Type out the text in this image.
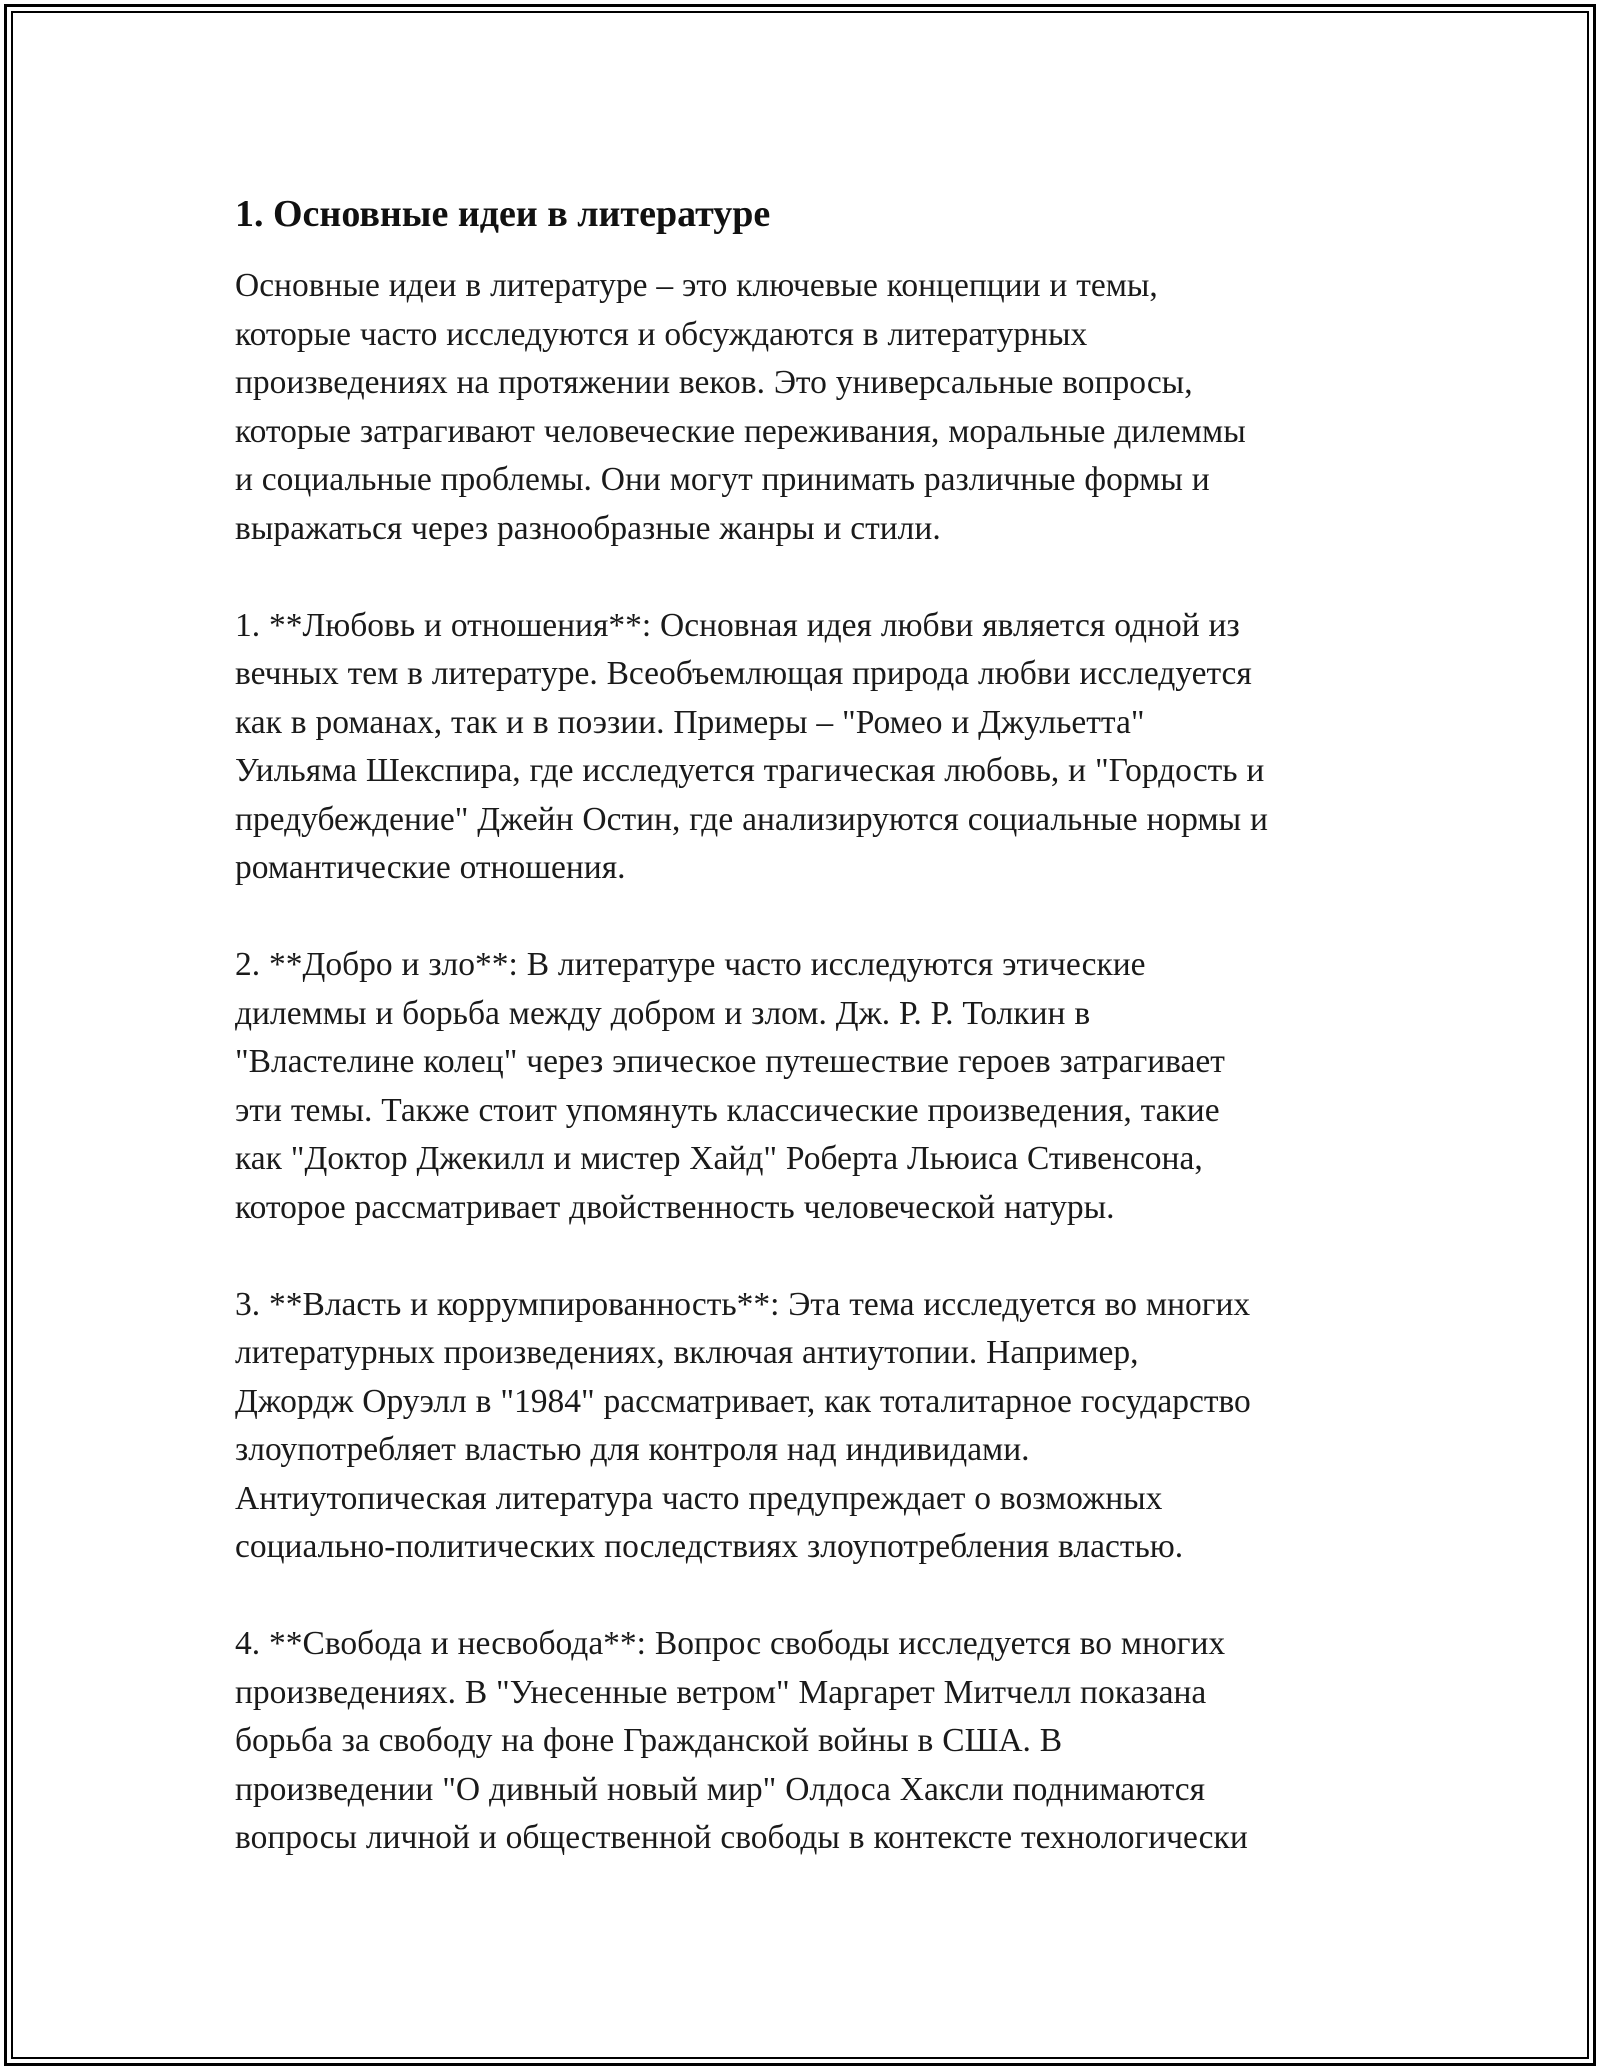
1. Основные идеи в литературе
Основные идеи в литературе – это ключевые концепции и темы,
которые часто исследуются и обсуждаются в литературных
произведениях на протяжении веков. Это универсальные вопросы,
которые затрагивают человеческие переживания, моральные дилеммы
и социальные проблемы. Они могут принимать различные формы и
выражаться через разнообразные жанры и стили.
1. **Любовь и отношения**: Основная идея любви является одной из
вечных тем в литературе. Всеобъемлющая природа любви исследуется
как в романах, так и в поэзии. Примеры – "Ромео и Джульетта"
Уильяма Шекспира, где исследуется трагическая любовь, и "Гордость и
предубеждение" Джейн Остин, где анализируются социальные нормы и
романтические отношения.
2. **Добро и зло**: В литературе часто исследуются этические
дилеммы и борьба между добром и злом. Дж. Р. Р. Толкин в
"Властелине колец" через эпическое путешествие героев затрагивает
эти темы. Также стоит упомянуть классические произведения, такие
как "Доктор Джекилл и мистер Хайд" Роберта Льюиса Стивенсона,
которое рассматривает двойственность человеческой натуры.
3. **Власть и коррумпированность**: Эта тема исследуется во многих
литературных произведениях, включая антиутопии. Например,
Джордж Оруэлл в "1984" рассматривает, как тоталитарное государство
злоупотребляет властью для контроля над индивидами.
Антиутопическая литература часто предупреждает о возможных
социально-политических последствиях злоупотребления властью.
4. **Свобода и несвобода**: Вопрос свободы исследуется во многих
произведениях. В "Унесенные ветром" Маргарет Митчелл показана
борьба за свободу на фоне Гражданской войны в США. В
произведении "О дивный новый мир" Олдоса Хаксли поднимаются
вопросы личной и общественной свободы в контексте технологически
